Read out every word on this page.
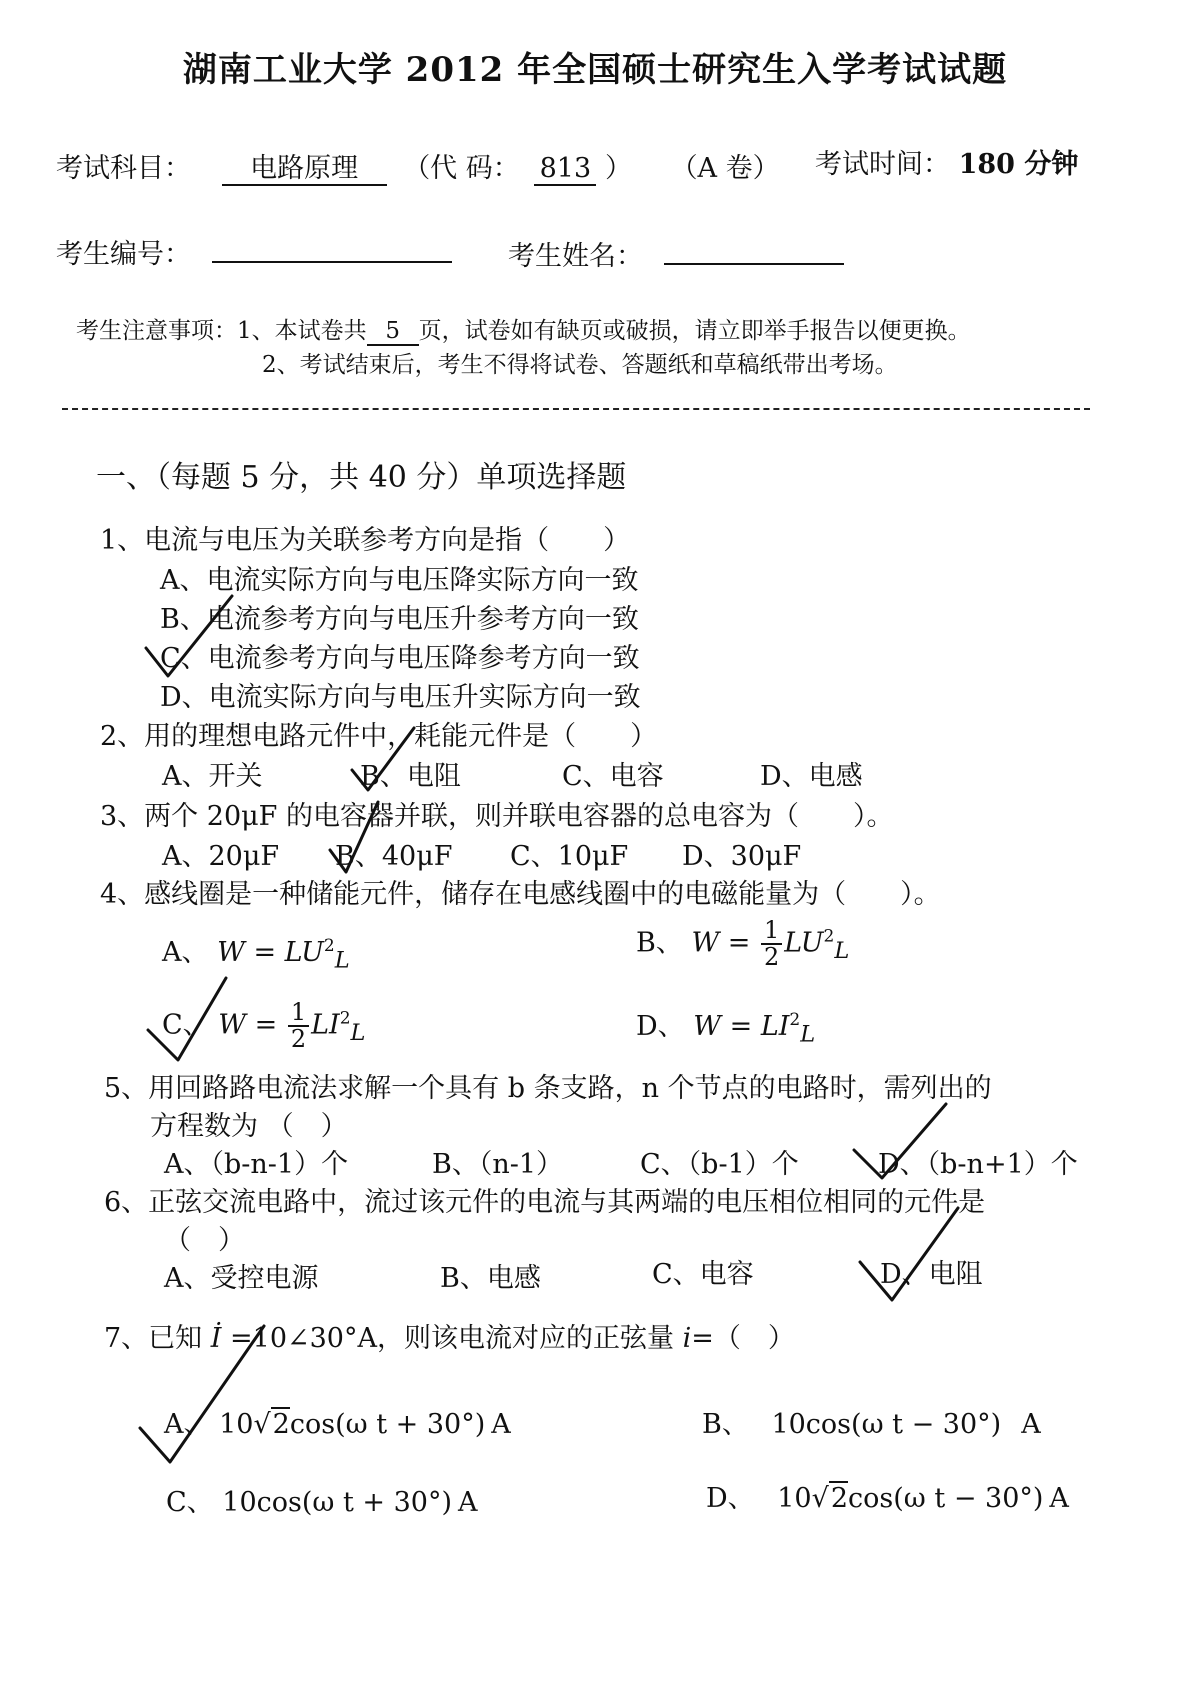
湖南工业大学 2012 年全国硕士研究生入学考试试题
考试科目： 电路原理 （代 码： 813 ） （A 卷） 考试时间： 180 分钟
考生编号：	考生姓名：
考生注意事项：1、本试卷共 5 页，试卷如有缺页或破损，请立即举手报告以便更换。
2、考试结束后，考生不得将试卷、答题纸和草稿纸带出考场。
一、（每题 5 分，共 40 分）单项选择题
1、电流与电压为关联参考方向是指（　　）
A、电流实际方向与电压降实际方向一致
B、电流参考方向与电压升参考方向一致
C、电流参考方向与电压降参考方向一致
D、电流实际方向与电压升实际方向一致
2、用的理想电路元件中，耗能元件是（　　）
A、开关	B、电阻	C、电容	D、电感
3、两个 20μF 的电容器并联，则并联电容器的总电容为（　　）。
A、20μF B、40μF C、10μF D、30μF
4、感线圈是一种储能元件，储存在电感线圈中的电磁能量为（　　）。
A、 $W = LU^2_L$
B、 $W = \frac{1}{2} LU^2_L$
C、 $W = \frac{1}{2} LI^2_L$	D、 $W = LI^2_L$
5、用回路路电流法求解一个具有 b 条支路，n 个节点的电路时，需列出的
方程数为 （　）
A、（b-n-1）个	B、（n-1）	C、（b-1）个	D、（b-n+1）个
6、正弦交流电路中，流过该元件的电流与其两端的电压相位相同的元件是
（　）
A、受控电源	B、电感	C、电容	D、电阻
7、已知 İ =10∠30°A，则该电流对应的正弦量 i=（　）
A、 10√2cos(ω t + 30°) A	B、 10cos(ω t − 30°) A
C、 10cos(ω t + 30°) A	D、 10√2cos(ω t − 30°) A
